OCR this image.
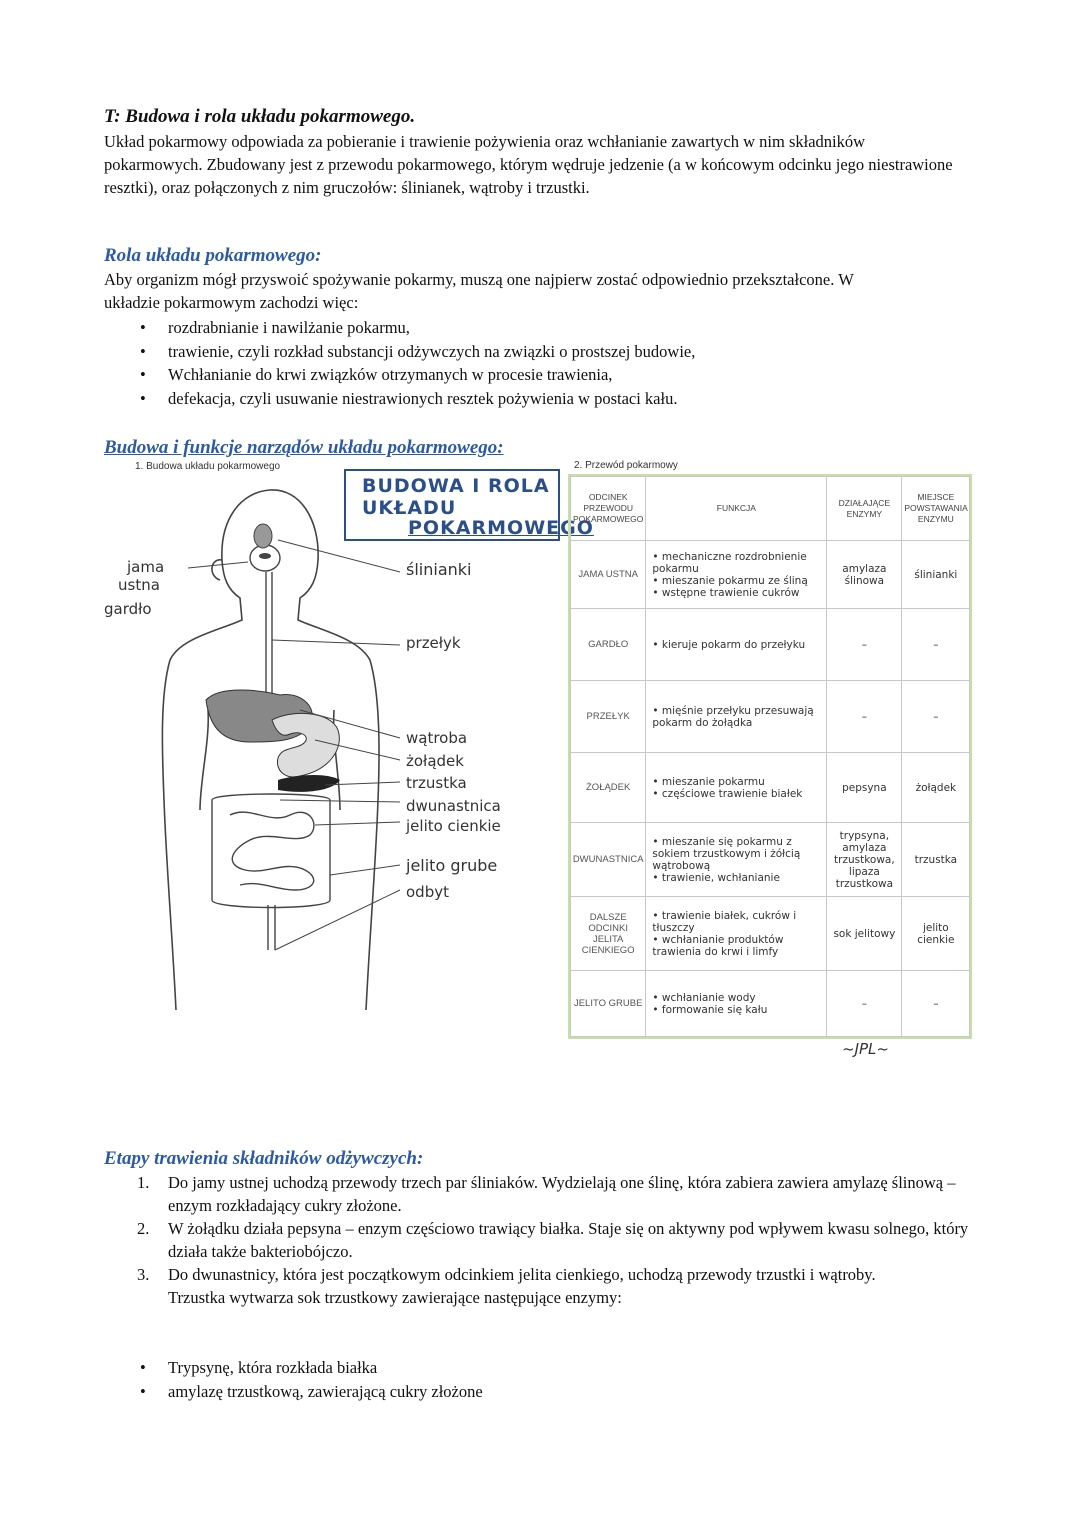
T: Budowa i rola układu pokarmowego.
Układ pokarmowy odpowiada za pobieranie i trawienie pożywienia oraz wchłanianie zawartych w nim składników pokarmowych. Zbudowany jest z przewodu pokarmowego, którym wędruje jedzenie (a w końcowym odcinku jego niestrawione resztki), oraz połączonych z nim gruczołów: ślinianek, wątroby i trzustki.
Rola układu pokarmowego:
Aby organizm mógł przyswoić spożywanie pokarmy, muszą one najpierw zostać odpowiednio przekształcone. W układzie pokarmowym zachodzi więc:
• rozdrabnianie i nawilżanie pokarmu,
• trawienie, czyli rozkład substancji odżywczych na związki o prostszej budowie,
• Wchłanianie do krwi związków otrzymanych w procesie trawienia,
• defekacja, czyli usuwanie niestrawionych resztek pożywienia w postaci kału.
Budowa i funkcje narządów układu pokarmowego:
1. Budowa układu pokarmowego
BUDOWA I ROLA
UKŁADU
POKARMOWEGO
jama
ustna
gardło
ślinianki
przełyk
wątroba
żołądek
trzustka
dwunastnica
jelito cienkie
jelito grube
odbyt
2. Przewód pokarmowy
ODCINEK PRZEWODU POKARMOWEGO	FUNKCJA	DZIAŁAJĄCE ENZYMY	MIEJSCE POWSTAWANIA ENZYMU
JAMA USTNA	• mechaniczne rozdrobnienie pokarmu
• mieszanie pokarmu ze śliną
• wstępne trawienie cukrów	amylaza ślinowa	ślinianki
GARDŁO	• kieruje pokarm do przełyku	–	–
PRZEŁYK	• mięśnie przełyku przesuwają pokarm do żołądka	–	–
ŻOŁĄDEK	• mieszanie pokarmu
• częściowe trawienie białek	pepsyna	żołądek
DWUNASTNICA	• mieszanie się pokarmu z sokiem trzustkowym i żółcią wątrobową
• trawienie, wchłanianie	trypsyna, amylaza trzustkowa, lipaza trzustkowa	trzustka
DALSZE ODCINKI JELITA CIENKIEGO	• trawienie białek, cukrów i tłuszczy
• wchłanianie produktów trawienia do krwi i limfy	sok jelitowy	jelito cienkie
JELITO GRUBE	• wchłanianie wody
• formowanie się kału	–	–
~JPL~
Etapy trawienia składników odżywczych:
1. Do jamy ustnej uchodzą przewody trzech par śliniaków. Wydzielają one ślinę, która zabiera zawiera amylazę ślinową – enzym rozkładający cukry złożone.
2. W żołądku działa pepsyna – enzym częściowo trawiący białka. Staje się on aktywny pod wpływem kwasu solnego, który działa także bakteriobójczo.
3. Do dwunastnicy, która jest początkowym odcinkiem jelita cienkiego, uchodzą przewody trzustki i wątroby.
Trzustka wytwarza sok trzustkowy zawierające następujące enzymy:
• Trypsynę, która rozkłada białka
• amylazę trzustkową, zawierającą cukry złożone
